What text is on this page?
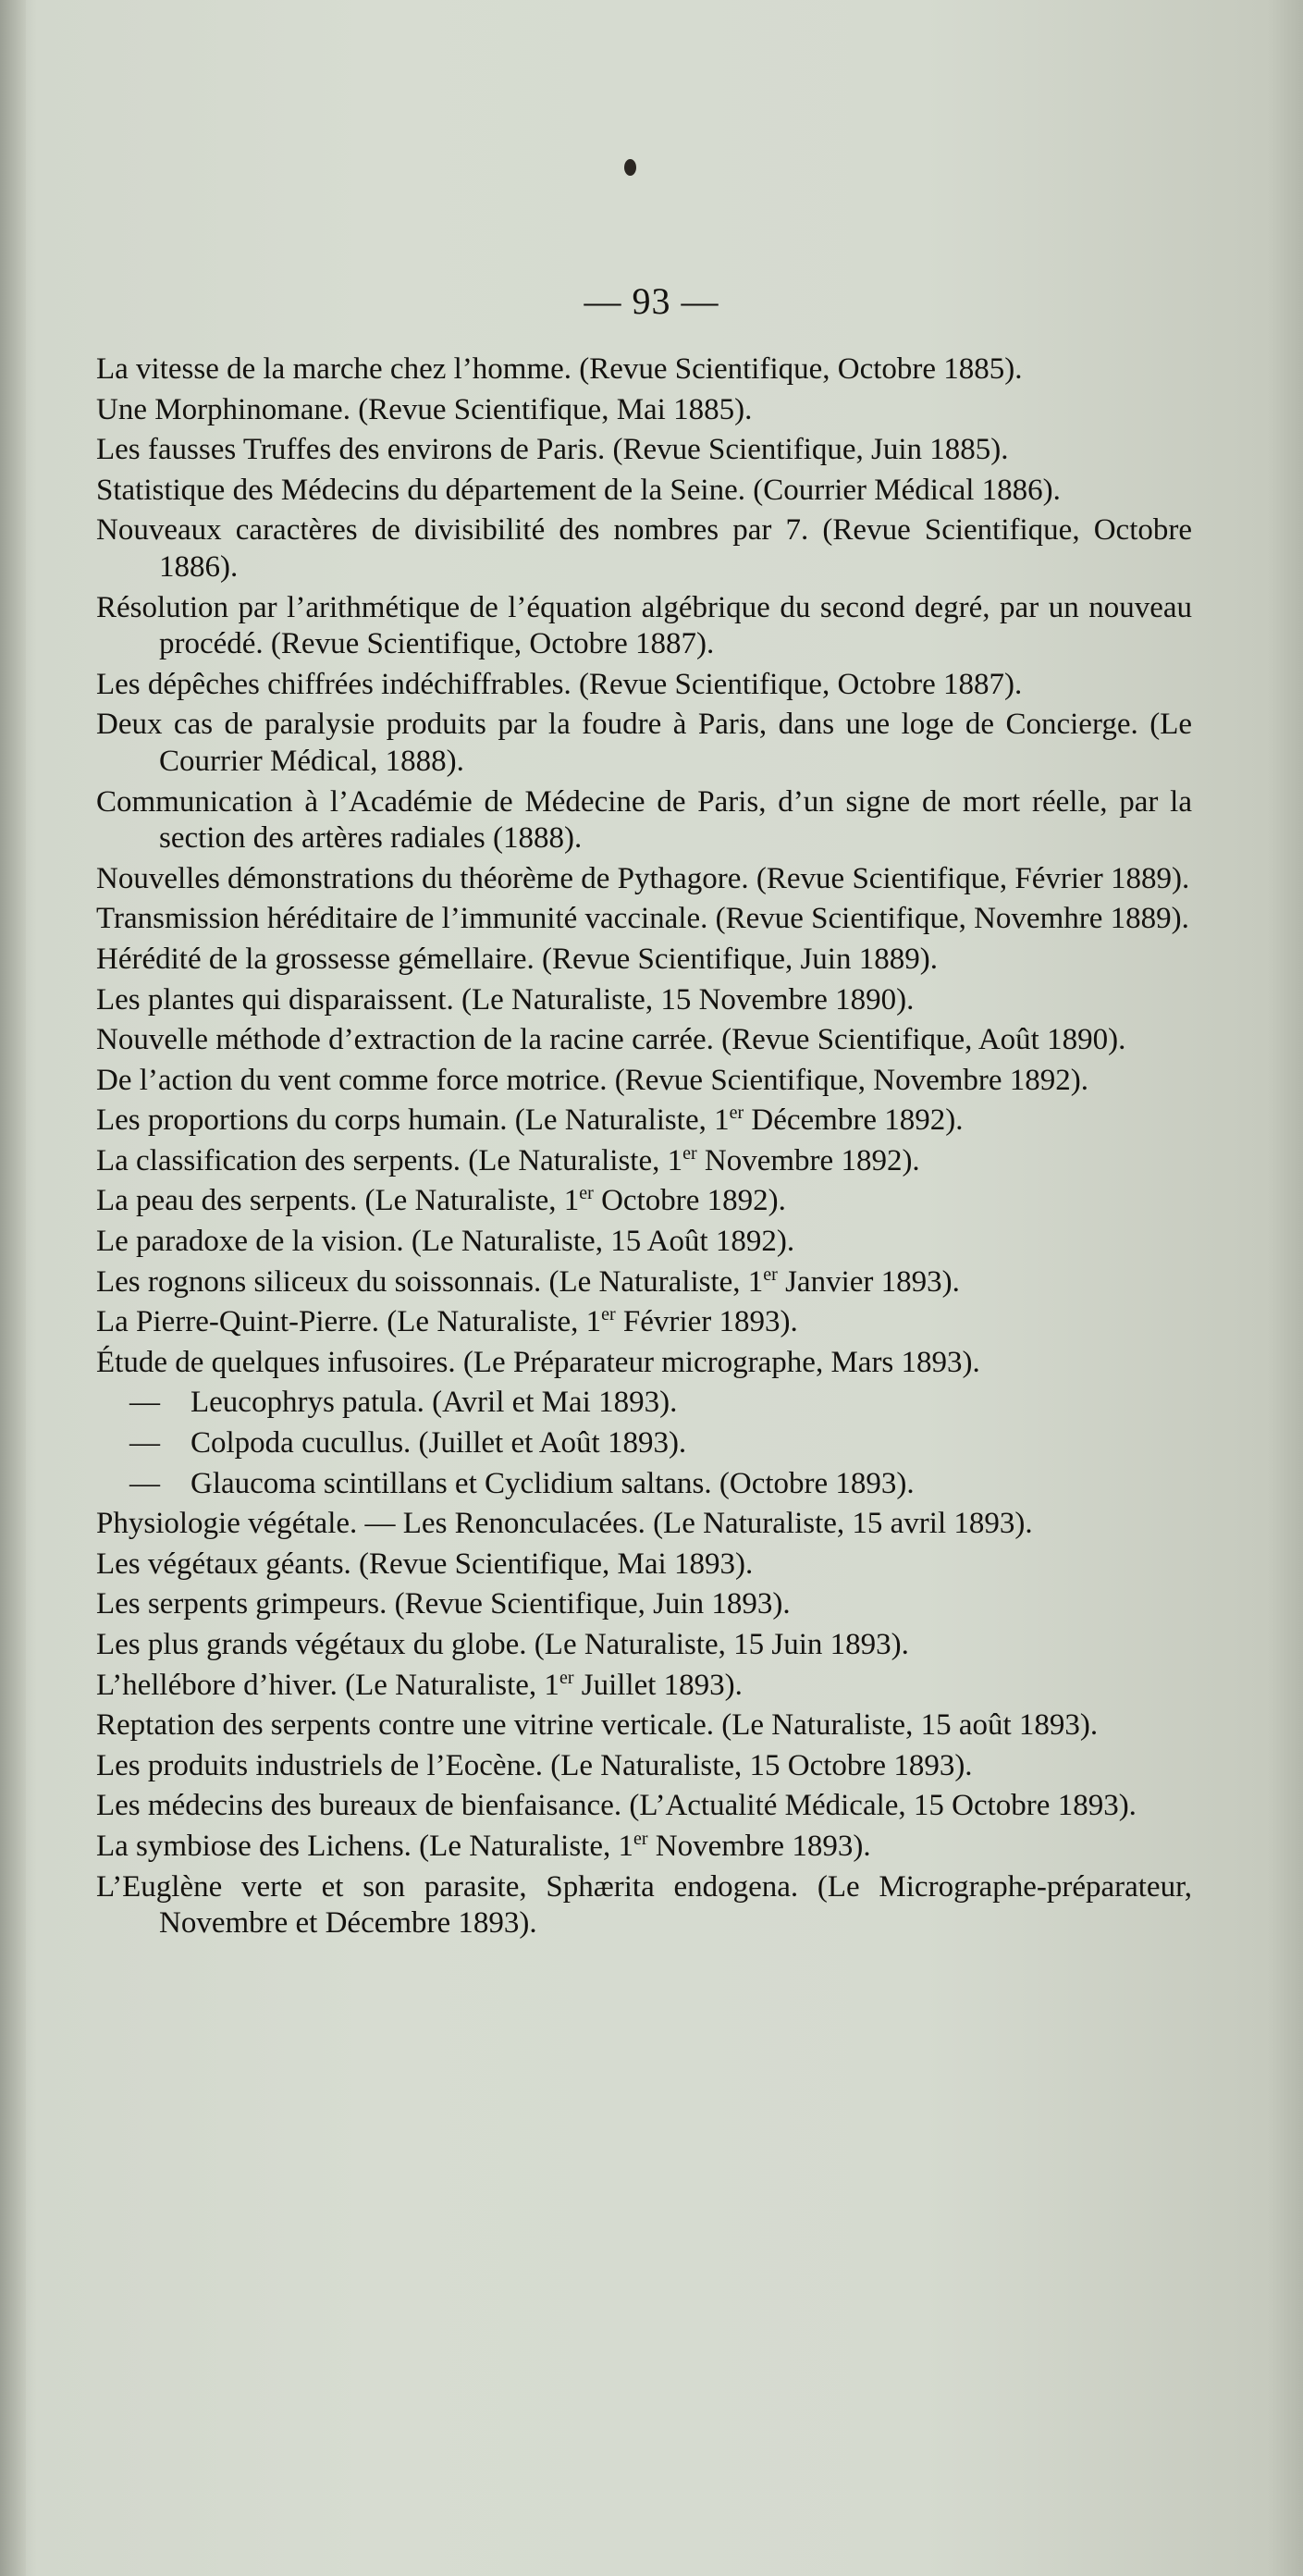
— 93 —
La vitesse de la marche chez l’homme. (Revue Scientifique, Octobre 1885).
Une Morphinomane. (Revue Scientifique, Mai 1885).
Les fausses Truffes des environs de Paris. (Revue Scientifique, Juin 1885).
Statistique des Médecins du département de la Seine. (Courrier Médical 1886).
Nouveaux caractères de divisibilité des nombres par 7. (Revue Scientifique, Octobre 1886).
Résolution par l’arithmétique de l’équation algébrique du second degré, par un nouveau procédé. (Revue Scientifique, Octobre 1887).
Les dépêches chiffrées indéchiffrables. (Revue Scientifique, Octobre 1887).
Deux cas de paralysie produits par la foudre à Paris, dans une loge de Concierge. (Le Courrier Médical, 1888).
Communication à l’Académie de Médecine de Paris, d’un signe de mort réelle, par la section des artères radiales (1888).
Nouvelles démonstrations du théorème de Pythagore. (Revue Scientifique, Février 1889).
Transmission héréditaire de l’immunité vaccinale. (Revue Scientifique, Novemhre 1889).
Hérédité de la grossesse gémellaire. (Revue Scientifique, Juin 1889).
Les plantes qui disparaissent. (Le Naturaliste, 15 Novembre 1890).
Nouvelle méthode d’extraction de la racine carrée. (Revue Scientifique, Août 1890).
De l’action du vent comme force motrice. (Revue Scientifique, Novembre 1892).
Les proportions du corps humain. (Le Naturaliste, 1er Décembre 1892).
La classification des serpents. (Le Naturaliste, 1er Novembre 1892).
La peau des serpents. (Le Naturaliste, 1er Octobre 1892).
Le paradoxe de la vision. (Le Naturaliste, 15 Août 1892).
Les rognons siliceux du soissonnais. (Le Naturaliste, 1er Janvier 1893).
La Pierre-Quint-Pierre. (Le Naturaliste, 1er Février 1893).
Étude de quelques infusoires. (Le Préparateur micrographe, Mars 1893).
—  Leucophrys patula. (Avril et Mai 1893).
—  Colpoda cucullus. (Juillet et Août 1893).
—  Glaucoma scintillans et Cyclidium saltans. (Octobre 1893).
Physiologie végétale. — Les Renonculacées. (Le Naturaliste, 15 avril 1893).
Les végétaux géants. (Revue Scientifique, Mai 1893).
Les serpents grimpeurs. (Revue Scientifique, Juin 1893).
Les plus grands végétaux du globe. (Le Naturaliste, 15 Juin 1893).
L’hellébore d’hiver. (Le Naturaliste, 1er Juillet 1893).
Reptation des serpents contre une vitrine verticale. (Le Naturaliste, 15 août 1893).
Les produits industriels de l’Eocène. (Le Naturaliste, 15 Octobre 1893).
Les médecins des bureaux de bienfaisance. (L’Actualité Médicale, 15 Octobre 1893).
La symbiose des Lichens. (Le Naturaliste, 1er Novembre 1893).
L’Euglène verte et son parasite, Sphærita endogena. (Le Micrographe-préparateur, Novembre et Décembre 1893).
